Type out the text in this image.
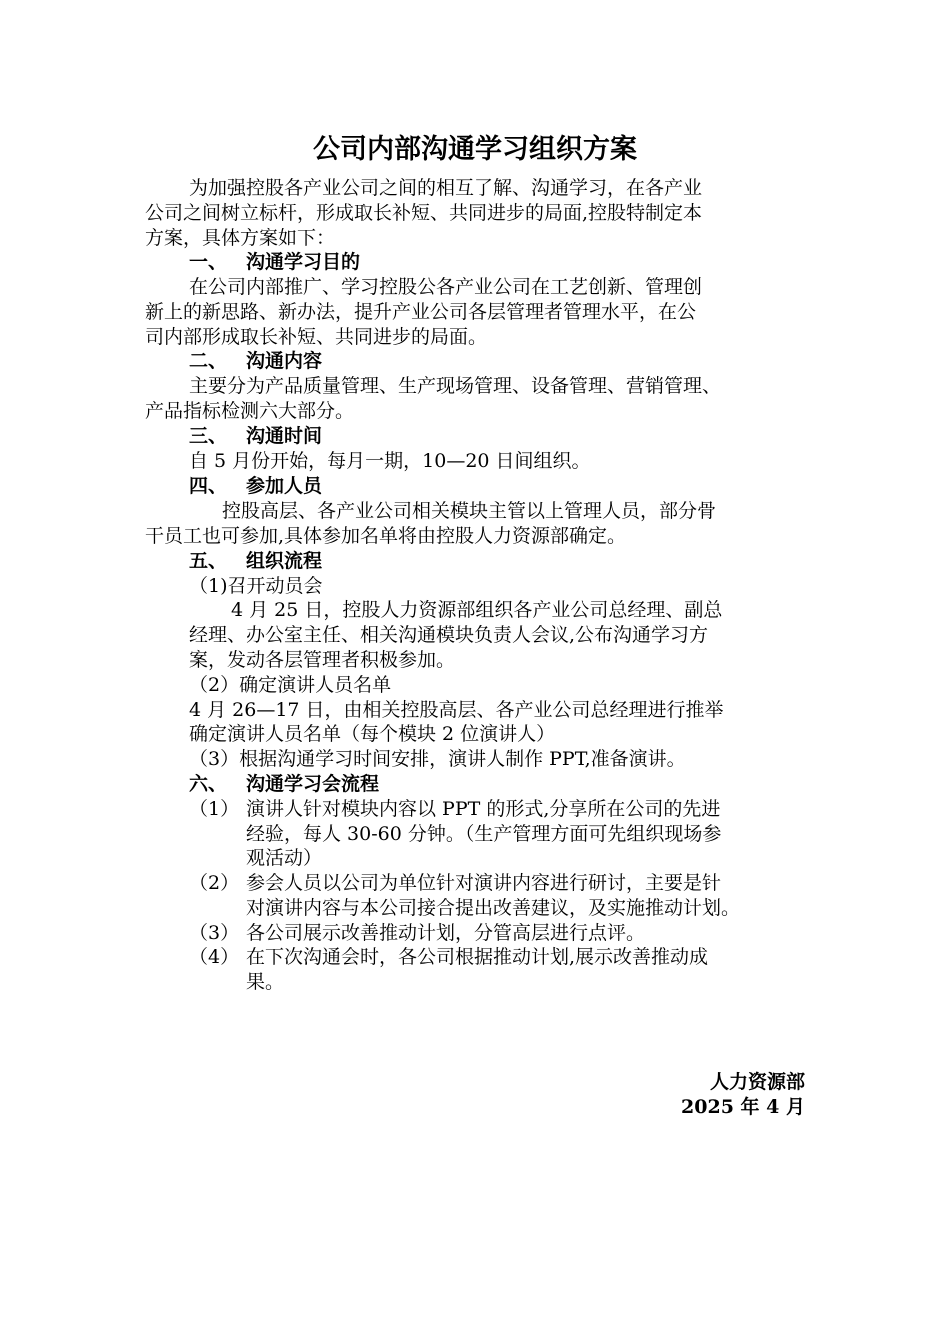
公司内部沟通学习组织方案
为加强控股各产业公司之间的相互了解、沟通学习，在各产业
公司之间树立标杆，形成取长补短、共同进步的局面,控股特制定本
方案，具体方案如下：
一、 沟通学习目的
在公司内部推广、学习控股公各产业公司在工艺创新、管理创
新上的新思路、新办法，提升产业公司各层管理者管理水平，在公
司内部形成取长补短、共同进步的局面。
二、 沟通内容
主要分为产品质量管理、生产现场管理、设备管理、营销管理、
产品指标检测六大部分。
三、 沟通时间
自 5 月份开始，每月一期，10—20 日间组织。
四、 参加人员
控股高层、各产业公司相关模块主管以上管理人员，部分骨
干员工也可参加,具体参加名单将由控股人力资源部确定。
五、 组织流程
（1)召开动员会
4 月 25 日，控股人力资源部组织各产业公司总经理、副总
经理、办公室主任、相关沟通模块负责人会议,公布沟通学习方
案，发动各层管理者积极参加。
（2）确定演讲人员名单
4 月 26—17 日，由相关控股高层、各产业公司总经理进行推举
确定演讲人员名单（每个模块 2 位演讲人）
（3）根据沟通学习时间安排，演讲人制作 PPT,准备演讲。
六、 沟通学习会流程
（1） 演讲人针对模块内容以 PPT 的形式,分享所在公司的先进
经验，每人 30-60 分钟。（生产管理方面可先组织现场参
观活动）
（2） 参会人员以公司为单位针对演讲内容进行研讨，主要是针
对演讲内容与本公司接合提出改善建议，及实施推动计划。
（3） 各公司展示改善推动计划，分管高层进行点评。
（4） 在下次沟通会时，各公司根据推动计划,展示改善推动成
果。
人力资源部
2025 年 4 月
